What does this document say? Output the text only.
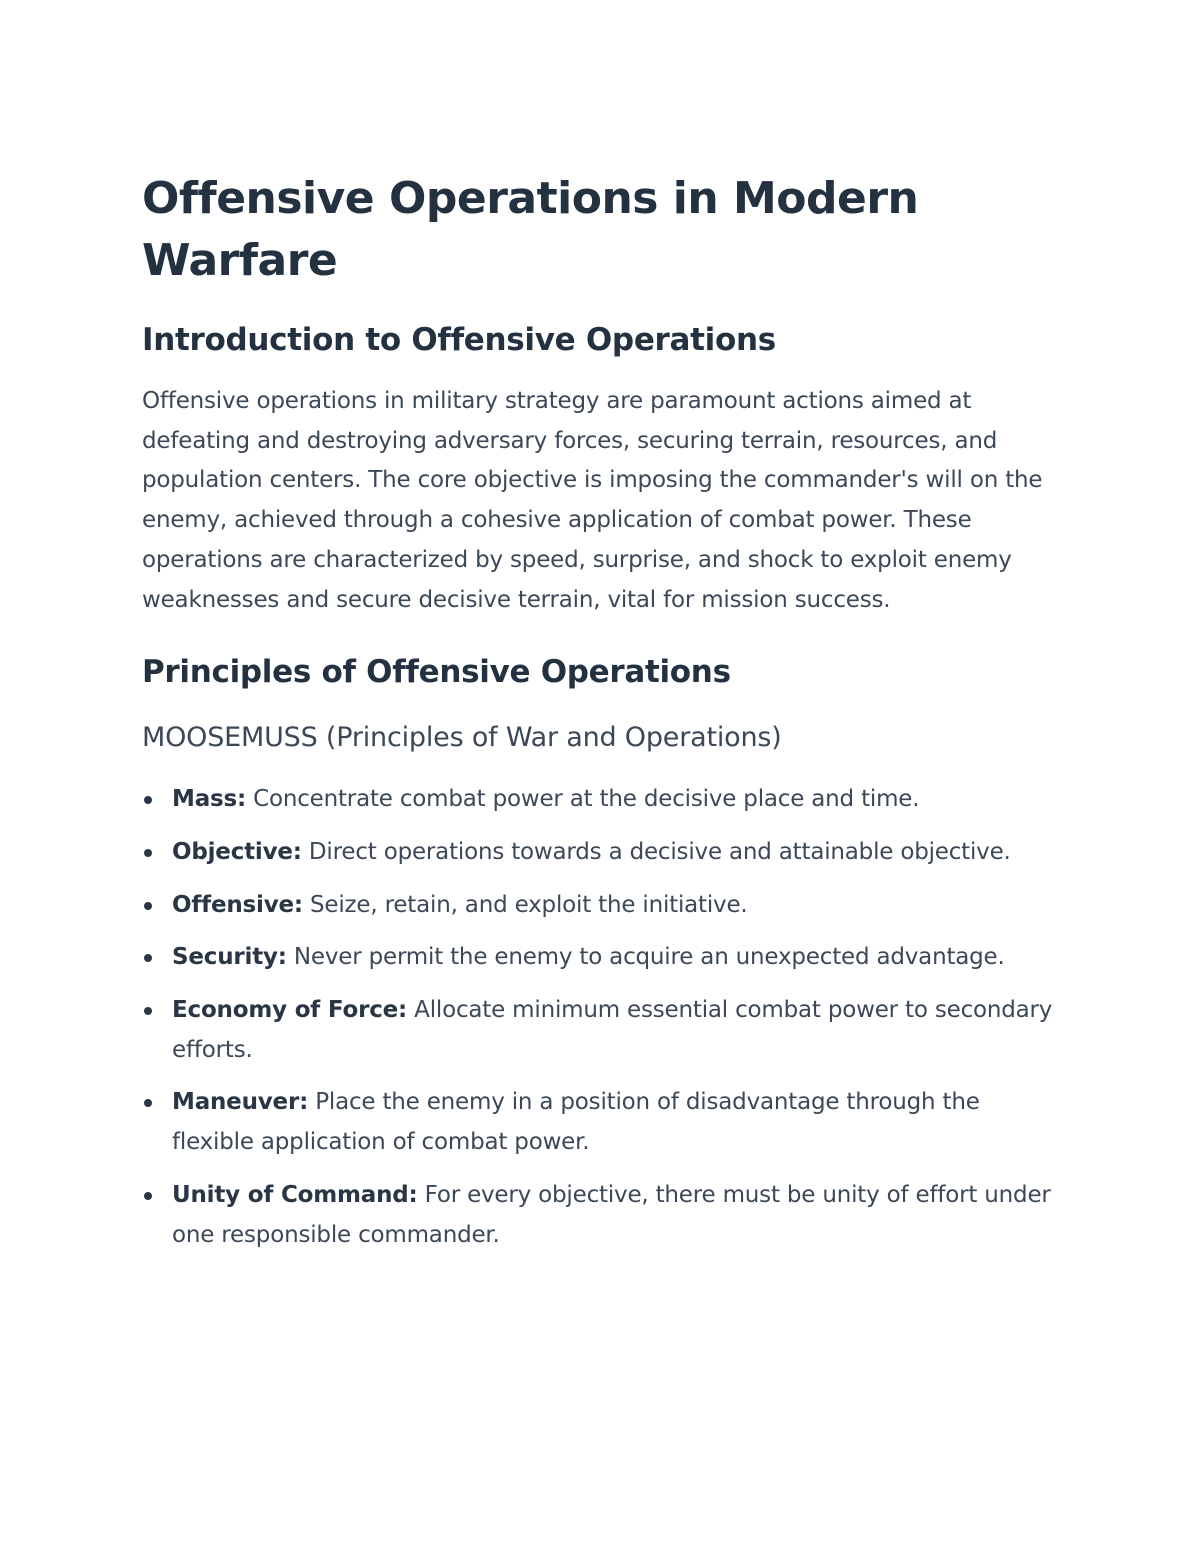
Offensive Operations in Modern Warfare
Introduction to Offensive Operations

Offensive operations in military strategy are paramount actions aimed at defeating and destroying adversary forces, securing terrain, resources, and population centers. The core objective is imposing the commander's will on the enemy, achieved through a cohesive application of combat power. These operations are characterized by speed, surprise, and shock to exploit enemy weaknesses and secure decisive terrain, vital for mission success.

Principles of Offensive Operations
MOOSEMUSS (Principles of War and Operations)
Mass: Concentrate combat power at the decisive place and time.
Objective: Direct operations towards a decisive and attainable objective.
Offensive: Seize, retain, and exploit the initiative.
Security: Never permit the enemy to acquire an unexpected advantage.
Economy of Force: Allocate minimum essential combat power to secondary efforts.
Maneuver: Place the enemy in a position of disadvantage through the flexible application of combat power.
Unity of Command: For every objective, there must be unity of effort under one responsible commander.
